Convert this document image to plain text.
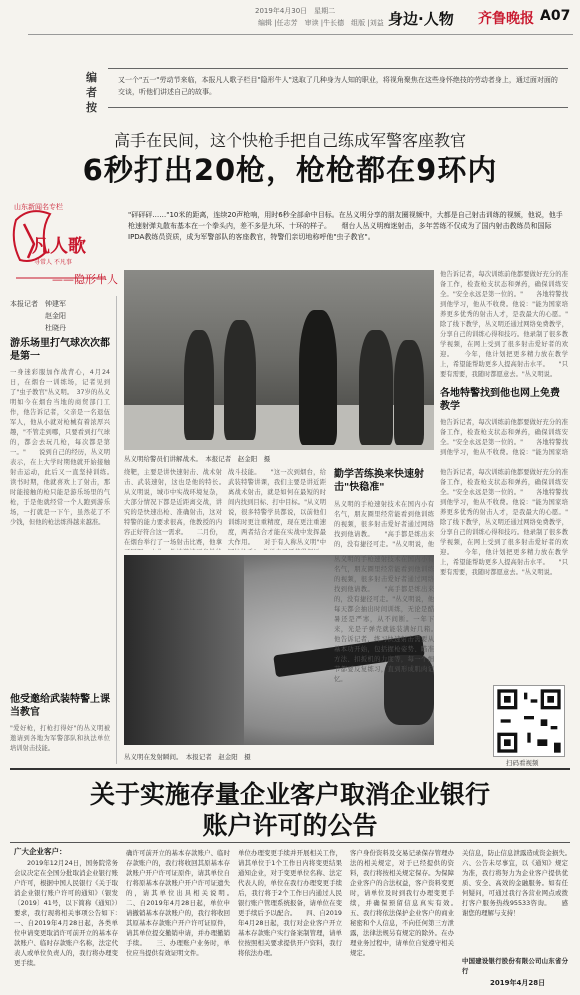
2019年4月30日　星期二
编辑 |任志芳　审读 |牛长德　组版 |刘益 身边·人物 齐鲁晚报 A07
编者按
又一个"五一"劳动节来临，本报凡人歌子栏目"隐形牛人"选取了几种身为人知的职业，将视角聚焦在这些身怀绝技的劳动者身上，通过面对面的交谈，听他们讲述自己的故事。
高手在民间，这个快枪手把自己练成军警客座教官
6秒打出20枪，枪枪都在9环内
山东新闻名专栏
凡人歌
寻常人 不凡事
——隐形牛人
本报记者　钟建军
　　　　　赵金阳
　　　　　杜晓丹
"砰砰砰……"10米的距离，连续20声枪响，用时6秒全部命中目标。在丛义明分享的朋友圈视频中，大都是自己射击训练的视频，他说，他手枪速射弹丸散布基本在一个拳头内，差不多是九环、十环的样子。　　烟台人丛义明痴迷射击，多年苦练不仅成为了国内射击教练员和国际IPDA教练员资质，成为军警部队的客座教官，特警们亲切地称呼他"虫子教官"。
游乐场里打气球次次都是第一
一身迷彩服加作战背心，4月24日，在烟台一训练场，记者见到了"虫子教官"丛义明。　37岁的丛义明如今在烟台当地的商贸部门工作，他告诉记者，父亲是一名退伍军人，他从小就对枪械有着浓厚兴趣，"不管走到哪，只要看到打气球的，都会去玩几枪，每次都是第一。"　　说到自己的经历，丛义明表示，在上大学时期他就开始接触射击运动，此后又一直坚持训练。　　读书时期，他就喜欢上了射击，那时能接触的枪只能是游乐场里的气枪，于是他就经常一个人跑到游乐场，一打就是一下午，虽然花了不少钱，但他的枪法练得越来越准。
他受邀给武装特警上课当教官
"爱好枪，打枪打得好"的丛义明被邀请到各地为军警部队和执法单位培训射击技能。
丛义明给警员们讲解战术。　本报记者　赵金阳　摄
绕靶，主要是讲快速射击、战术射击、武装速射，这也是他的特长。　　从义明说，城市中实战环境复杂，大部分情况下都是近距离交战，讲究的是快速出枪、准确射击，这对特警的能力要求很高，他教授的内容正好符合这一需求。　　二月份，在烟台举行了一场射击比赛，他拿
战斗技能。　　"这一次到烟台，给武装特警讲课，我们主要是讲近距离战术射击，就是如何在最短的时间内找到目标、打中目标。"从义明说，很多特警学员都说，以前他们训练时更注重精度，现在更注重速度，两者结合才能在实战中发挥最大作用。　　对于有人称丛义明"中
他告诉记者，每次训练前他都要做好充分的准备工作，检查枪支状态和弹药，确保训练安全。"安全永远是第一位的。"　　各地特警找到他学习，他从不收费。他说："能为国家培养更多优秀的射击人才，是我最大的心愿。"　　除了线下教学，丛义明还通过网络免费教学，分享自己的训练心得和技巧。他录制了很多教学视频，在网上受到了很多射击爱好者的欢迎。　　今年，他计划把更多精力放在教学上，希望能帮助更多人提高射击水平。　　"只要有需要，我随时都愿意去。"丛义明说。
各地特警找到他也网上免费教学
他告诉记者，每次训练前他都要做好充分的准备工作，检查枪支状态和弹药，确保训练安全。"安全永远是第一位的。"　　各地特警找到他学习，他从不收费。他说："能为国家培　　　　　　
勤学苦练换来快速射击"快稳准"
丛义明的手枪速射技术在国内小有名气，朋友圈里经常能看到他训练的视频，很多射击爱好者通过网络找到他请教。　　"高手都是练出来的，没有捷径可走。"丛义明说，他　　
他告诉记者，每次训练前他都要做好充分的准备工作，检查枪支状态和弹药，确保训练安全。"安全永远是第一位的。"　　各地特警找到他学习，他从不收费。他说："能为国家培养更多优秀的射击人才，是我最大的心愿。"　　除了线下教学，丛义明还通过网络免费教学，分享自己的训练心得和技巧。他录制了很多教学视频，在网上受到了很多射击爱好者的欢迎。　　今年，他计划把更多精力放在教学上，希望能帮助更多人提高射击水平。　　"只要有需要，我随时都愿意去。"丛义明说。
丛义明在发射瞬间。　本报记者　赵金阳　摄
丛义明的手枪速射技术在国内小有名气，朋友圈里经常能看到他训练的视频，很多射击爱好者通过网络找到他请教。　　"高手都是练出来的，没有捷径可走。"丛义明说，他每天都会抽出时间训练，无论是酷暑还是严寒，从不间断。一年下来，光是子弹壳就能装满好几箱。　　他告诉记者，练习快速射击需要从基本功开始，包括握枪姿势、瞄准方法、扣扳机的力度等，每一个细节都要反复练习，直到形成肌肉记忆。
扫码看视频
关于实施存量企业客户取消企业银行
账户许可的公告
广大企业客户：
　　2019年12月24日，国务院常务会议决定在全国分批取消企业银行账户许可，根据中国人民银行《关于取消企业银行账户许可的通知》（银发〔2019〕41号，以下简称《通知》）要求，我行现将相关事项公告如下：　　一、自2019年4月28日起，各类单位申请变更取消许可前开立的基本存款账户、临时存款账户名称，法定代表人或单位负责人的，我行将办理变更手续。
确许可前开立的基本存款账户、临时存款账户的，我行将收回其原基本存款账户开户许可证原件，请其单位自行将原基本存款账户开户许可证遗失的，请其单位出具相关说明。　　二、自2019年4月28日起，单位申请撤销基本存款账户的，我行将收回其原基本存款账户开户许可证原件，请其单位提交撤销申请，并办理撤销手续。　　三、办理账户业务时，单位应当提供有效证明文件。
单位办理变更手续并开展相关工作，请其单位于1个工作日内将变更结果通知企业，对于变更单位名称、法定代表人的，单位在我行办理变更手续后，我行将于2个工作日内通过人民银行账户管理系统报备，请单位在变更手续后予以配合。　　四、自2019年4月28日起，我行对企业客户开立基本存款账户实行备案制管理，请单位按照相关要求提供开户资料，我行将依法办理。
客户身份资料及交易记录保存管理办法的相关规定，对于已经提供的资料，我行将按相关规定保存。为保障企业客户的合法权益，客户资料变更时，请单位及时到我行办理变更手续，并确保预留信息真实有效。　　五、我行将依法保护企业客户的商业秘密和个人信息，不向任何第三方泄露，法律法规另有规定的除外。在办理业务过程中，请单位自觉遵守相关规定。
关信息，防止信息泄露造成资金损失。　　六、公告未尽事宜，以《通知》规定为准，我行将努力为企业客户提供优质、安全、高效的金融服务。如有任何疑问，可通过我行各营业网点或拨打客户服务热线95533咨询。　　感谢您的理解与支持！
中国建设银行股份有限公司山东省分行
2019年4月28日
